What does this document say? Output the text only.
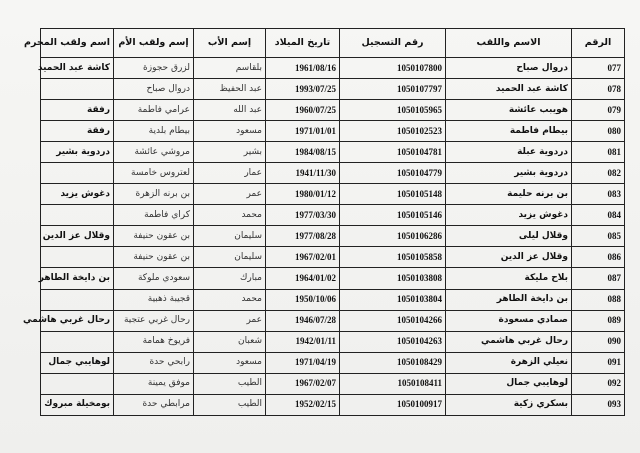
الرقم	الاسم واللقب	رقم التسجيل	تاريخ الميلاد	إسم الأب	إسم ولقب الأم	اسم ولقب المحرم
077	دروال صباح	1050107800	1961/08/16	بلقاسم	لزرق حجوزة	كاشة عبد الحميد
078	كاشة عبد الحميد	1050107797	1993/07/25	عبد الحفيظ	دروال صباح	
079	هويبب عائشة	1050105965	1960/07/25	عبد الله	عرامي فاطمة	رفقة
080	بيطام فاطمة	1050102523	1971/01/01	مسعود	بيطام بلدية	رفقة
081	دردوية عبلة	1050104781	1984/08/15	بشير	مروشي عائشة	دردوية بشير
082	دردوية بشير	1050104779	1941/11/30	عمار	لعتروس خامسة	
083	بن برنه حليمة	1050105148	1980/01/12	عمر	بن برنه الزهرة	دغوش يزيد
084	دغوش يزيد	1050105146	1977/03/30	محمد	كراي فاطمة	
085	وقلال ليلى	1050106286	1977/08/28	سليمان	بن عقون حنيفة	وقلال عز الدين
086	وقلال عز الدين	1050105858	1967/02/01	سليمان	بن عقون حنيفة	
087	بلاح مليكة	1050103808	1964/01/02	مبارك	سعودي ملوكة	بن دايخة الطاهر
088	بن دايخة الطاهر	1050103804	1950/10/06	محمد	قجيبة ذهبية	
089	صمادي مسعودة	1050104266	1946/07/28	عمر	رحال غربي عتجية	رحال غربي هاشمي
090	رحال غربي هاشمي	1050104263	1942/01/11	شعبان	فريوخ همامة	
091	نعيلي الزهرة	1050108429	1971/04/19	مسعود	رابحي حدة	لوهايبي جمال
092	لوهايبي جمال	1050108411	1967/02/07	الطيب	موفق يمينة	
093	بسكري زكية	1050100917	1952/02/15	الطيب	مرابطي حدة	بومخيلة مبروك
